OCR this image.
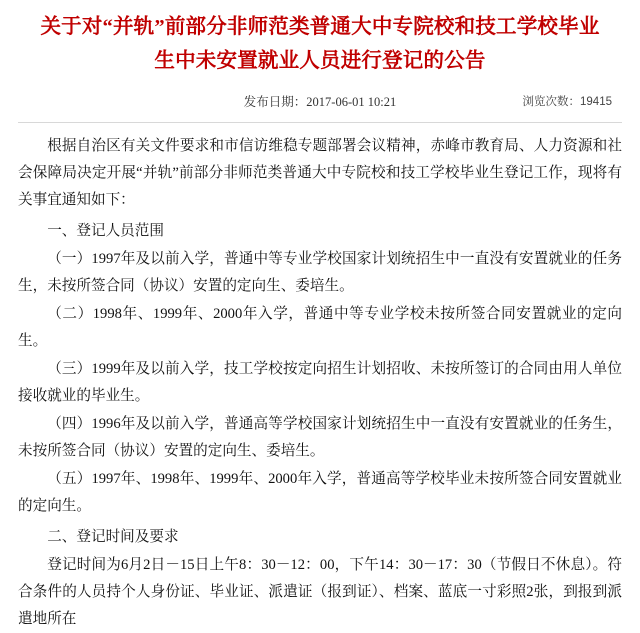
关于对“并轨”前部分非师范类普通大中专院校和技工学校毕业
生中未安置就业人员进行登记的公告
发布日期：2017-06-01 10:21	浏览次数：19415

根据自治区有关文件要求和市信访维稳专题部署会议精神，赤峰市教育局、人力资源和社会保障局决定开展“并轨”前部分非师范类普通大中专院校和技工学校毕业生登记工作，现将有关事宜通知如下：

一、登记人员范围

（一）1997年及以前入学，普通中等专业学校国家计划统招生中一直没有安置就业的任务生，未按所签合同（协议）安置的定向生、委培生。

（二）1998年、1999年、2000年入学，普通中等专业学校未按所签合同安置就业的定向生。

（三）1999年及以前入学，技工学校按定向招生计划招收、未按所签订的合同由用人单位接收就业的毕业生。

（四）1996年及以前入学，普通高等学校国家计划统招生中一直没有安置就业的任务生，未按所签合同（协议）安置的定向生、委培生。

（五）1997年、1998年、1999年、2000年入学，普通高等学校毕业未按所签合同安置就业的定向生。

二、登记时间及要求

登记时间为6月2日－15日上午8：30－12：00，下午14：30－17：30（节假日不休息）。符合条件的人员持个人身份证、毕业证、派遣证（报到证）、档案、蓝底一寸彩照2张，到报到派遣地所在
